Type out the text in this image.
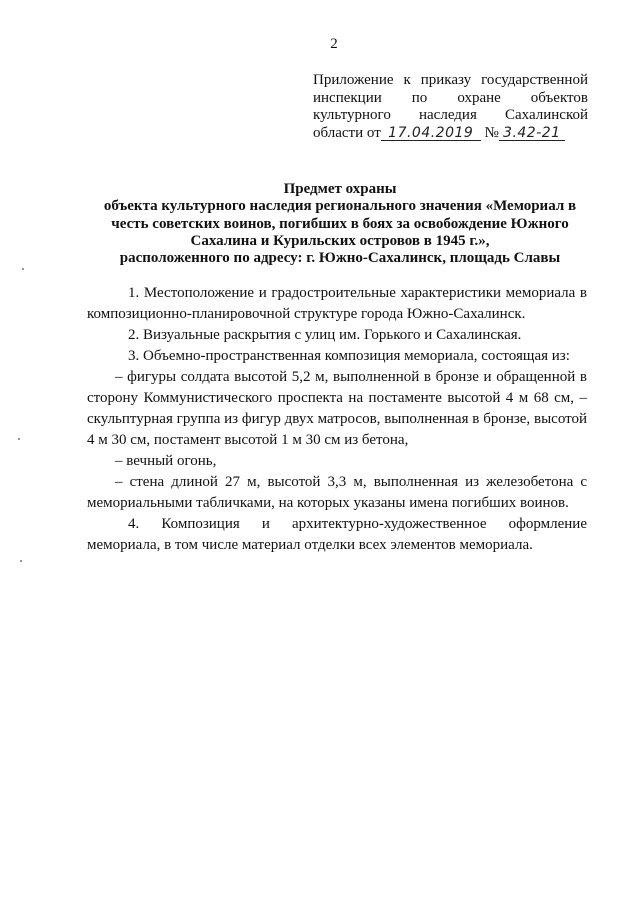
2
Приложение к приказу государственной
инспекции по охране объектов
культурного наследия Сахалинской
области от 17.04.2019 № 3.42-21
Предмет охраны
объекта культурного наследия регионального значения «Мемориал в
честь советских воинов, погибших в боях за освобождение Южного
Сахалина и Курильских островов в 1945 г.»,
расположенного по адресу: г. Южно-Сахалинск, площадь Славы

1. Местоположение и градостроительные характеристики мемориала в композиционно-планировочной структуре города Южно-Сахалинск.

2. Визуальные раскрытия с улиц им. Горького и Сахалинская.

3. Объемно-пространственная композиция мемориала, состоящая из:

– фигуры солдата высотой 5,2 м, выполненной в бронзе и обращенной в сторону Коммунистического проспекта на постаменте высотой 4 м 68 см, – скульптурная группа из фигур двух матросов, выполненная в бронзе, высотой 4 м 30 см, постамент высотой 1 м 30 см из бетона,

– вечный огонь,

– стена длиной 27 м, высотой 3,3 м, выполненная из железобетона с мемориальными табличками, на которых указаны имена погибших воинов.

4. Композиция и архитектурно-художественное оформление мемориала, в том числе материал отделки всех элементов мемориала.
